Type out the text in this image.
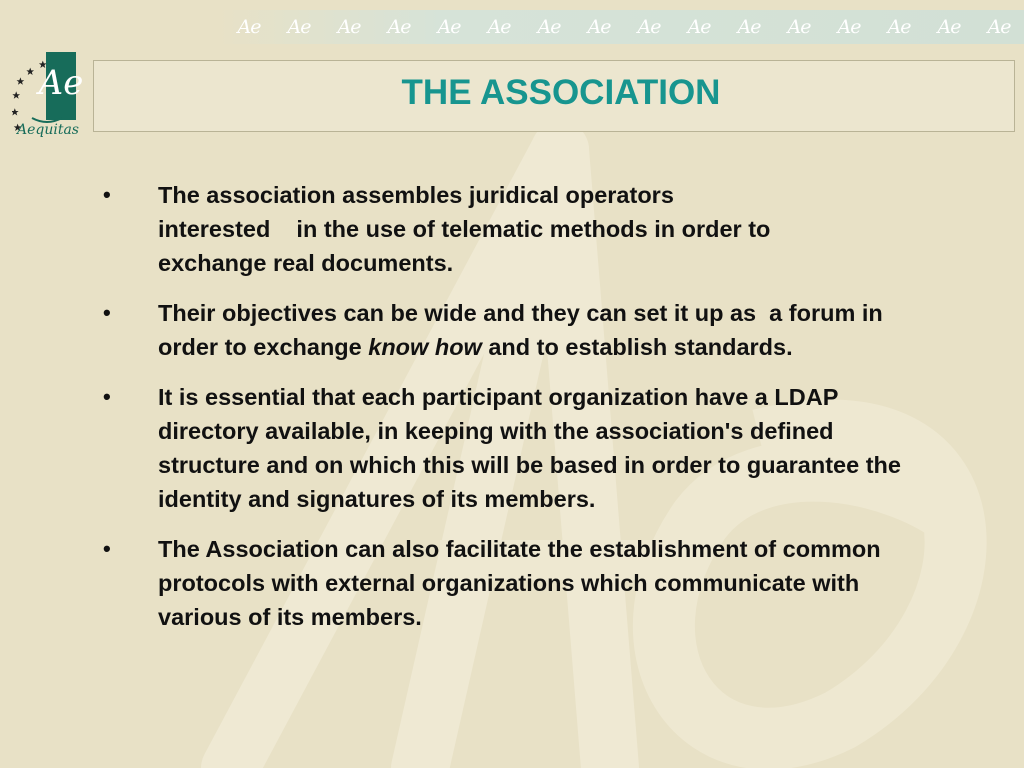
Ae Ae Ae Ae Ae Ae Ae Ae Ae Ae Ae Ae Ae Ae Ae Ae
Ae
Aequitas
THE ASSOCIATION
• The association assembles juridical operators
interested    in the use of telematic methods in order to
exchange real documents.
• Their objectives can be wide and they can set it up as  a forum in order to exchange know how and to establish standards.
• It is essential that each participant organization have a LDAP directory available, in keeping with the association's defined structure and on which this will be based in order to guarantee the identity and signatures of its members.
• The Association can also facilitate the establishment of common protocols with external organizations which communicate with various of its members.
